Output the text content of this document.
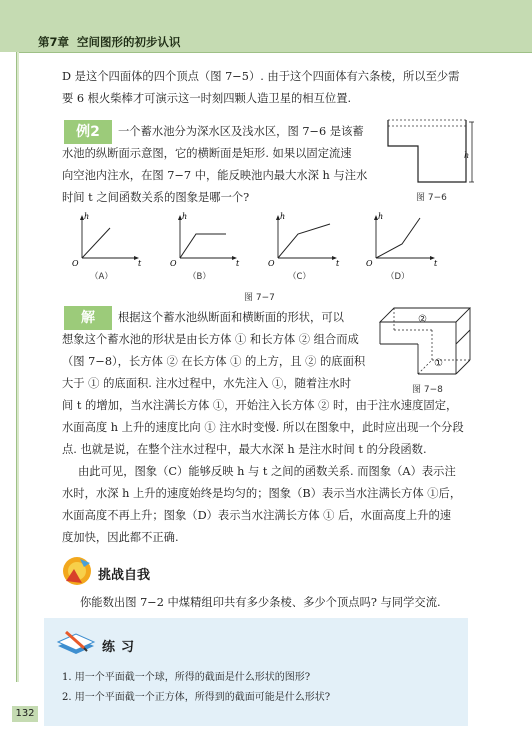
第7章 空间图形的初步认识
D 是这个四面体的四个顶点（图 7−5）. 由于这个四面体有六条棱，所以至少需
要 6 根火柴棒才可演示这一时刻四颗人造卫星的相互位置.
例2	一个蓄水池分为深水区及浅水区，图 7−6 是该蓄
水池的纵断面示意图，它的横断面是矩形. 如果以固定流速
向空池内注水，在图 7−7 中，能反映池内最大水深 h 与注水
时间 t 之间函数关系的图象是哪一个?
h
图 7−6
h
t
O
h
t
O
h
t
O
h
t
O
（A）	（B）	（C）	（D）
图 7−7
解	根据这个蓄水池纵断面和横断面的形状，可以
想象这个蓄水池的形状是由长方体 ① 和长方体 ② 组合而成
（图 7−8），长方体 ② 在长方体 ① 的上方，且 ② 的底面积
大于 ① 的底面积. 注水过程中，水先注入 ①，随着注水时
②
①
图 7−8
间 t 的增加，当水注满长方体 ①，开始注入长方体 ② 时，由于注水速度固定，
水面高度 h 上升的速度比向 ① 注水时变慢. 所以在图象中，此时应出现一个分段
点. 也就是说，在整个注水过程中，最大水深 h 是注水时间 t 的分段函数.
由此可见，图象（C）能够反映 h 与 t 之间的函数关系. 而图象（A）表示注
水时，水深 h 上升的速度始终是均匀的；图象（B）表示当水注满长方体 ①后，
水面高度不再上升；图象（D）表示当水注满长方体 ① 后，水面高度上升的速
度加快，因此都不正确.
挑战自我
你能数出图 7−2 中煤精组印共有多少条棱、多少个顶点吗? 与同学交流.
练习
1. 用一个平面截一个球，所得的截面是什么形状的图形?
2. 用一个平面截一个正方体，所得到的截面可能是什么形状?
132
